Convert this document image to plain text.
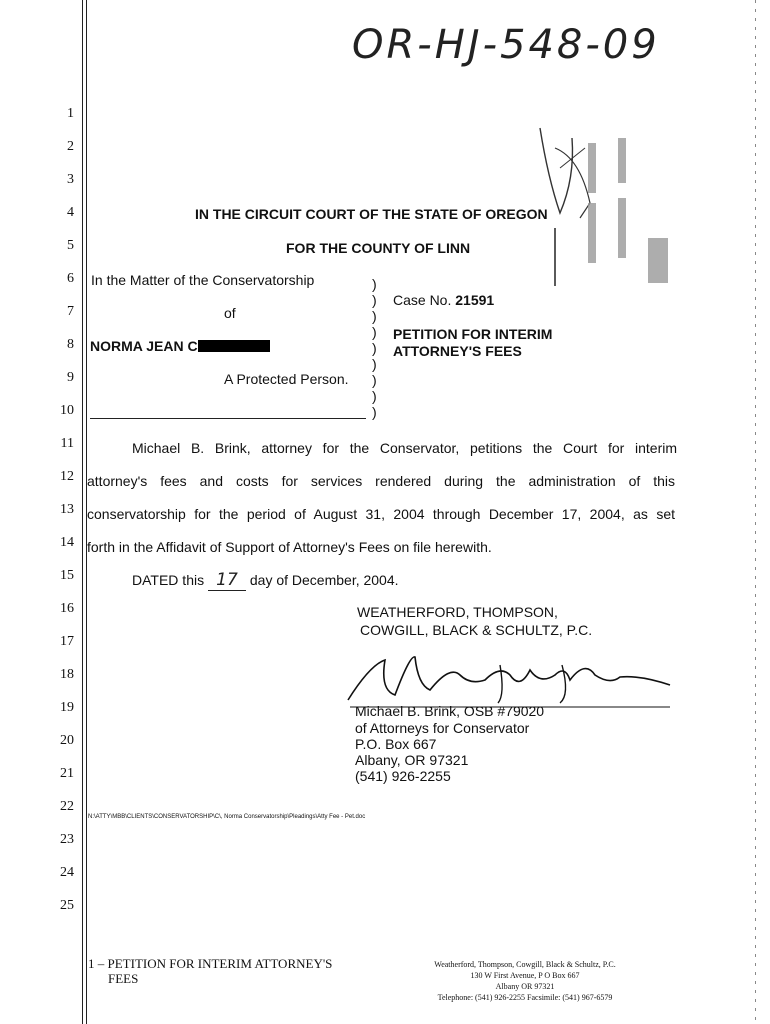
OR-HJ-548-09
1
2
3
4
5
6
7
8
9
10
11
12
13
14
15
16
17
18
19
20
21
22
23
24
25
IN THE CIRCUIT COURT OF THE STATE OF OREGON
FOR THE COUNTY OF LINN
In the Matter of the Conservatorship
of
NORMA JEAN C
A Protected Person.
)
)
)
)
)
)
)
)
)
Case No. 21591
PETITION FOR INTERIM
ATTORNEY'S FEES
Michael B. Brink, attorney for the Conservator, petitions the Court for interim
attorney's fees and costs for services rendered during the administration of this
conservatorship for the period of August 31, 2004 through December 17, 2004, as set
forth in the Affidavit of Support of Attorney's Fees on file herewith.
DATED this 17 day of December, 2004.
WEATHERFORD, THOMPSON,
COWGILL, BLACK & SCHULTZ, P.C.
Michael B. Brink, OSB #79020
of Attorneys for Conservator
P.O. Box 667
Albany, OR 97321
(541) 926-2255
N:\ATTY\MBB\CLIENTS\CONSERVATORSHIP\C\, Norma Conservatorship\Pleadings\Atty Fee - Pet.doc
1 – PETITION FOR INTERIM ATTORNEY'S
FEES
Weatherford, Thompson, Cowgill, Black & Schultz, P.C.
130 W First Avenue, P O Box 667
Albany OR 97321
Telephone: (541) 926-2255 Facsimile: (541) 967-6579
